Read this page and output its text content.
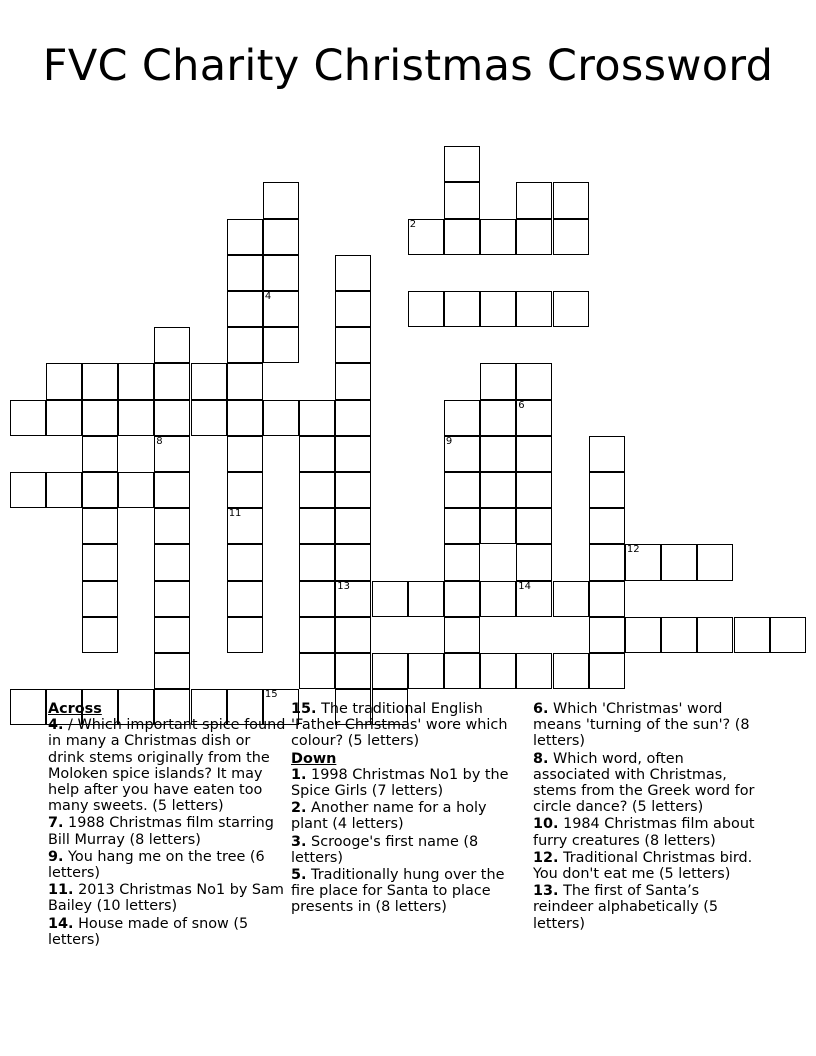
FVC Charity Christmas Crossword
11
4
6
14
13
9
8
15
12
2
Across
4. / Which important spice found in many a Christmas dish or drink stems originally from the Moloken spice islands? It may help after you have eaten too many sweets. (5 letters)
7. 1988 Christmas film starring Bill Murray (8 letters)
9. You hang me on the tree (6 letters)
11. 2013 Christmas No1 by Sam Bailey (10 letters)
14. House made of snow (5 letters)
15. The traditional English 'Father Christmas' wore which colour? (5 letters)
Down
1. 1998 Christmas No1 by the Spice Girls (7 letters)
2. Another name for a holy plant (4 letters)
3. Scrooge's first name (8 letters)
5. Traditionally hung over the fire place for Santa to place presents in (8 letters)
6. Which 'Christmas' word means 'turning of the sun'? (8 letters)
8. Which word, often associated with Christmas, stems from the Greek word for circle dance? (5 letters)
10. 1984 Christmas film about furry creatures (8 letters)
12. Traditional Christmas bird. You don't eat me (5 letters)
13. The first of Santa’s reindeer alphabetically (5 letters)
